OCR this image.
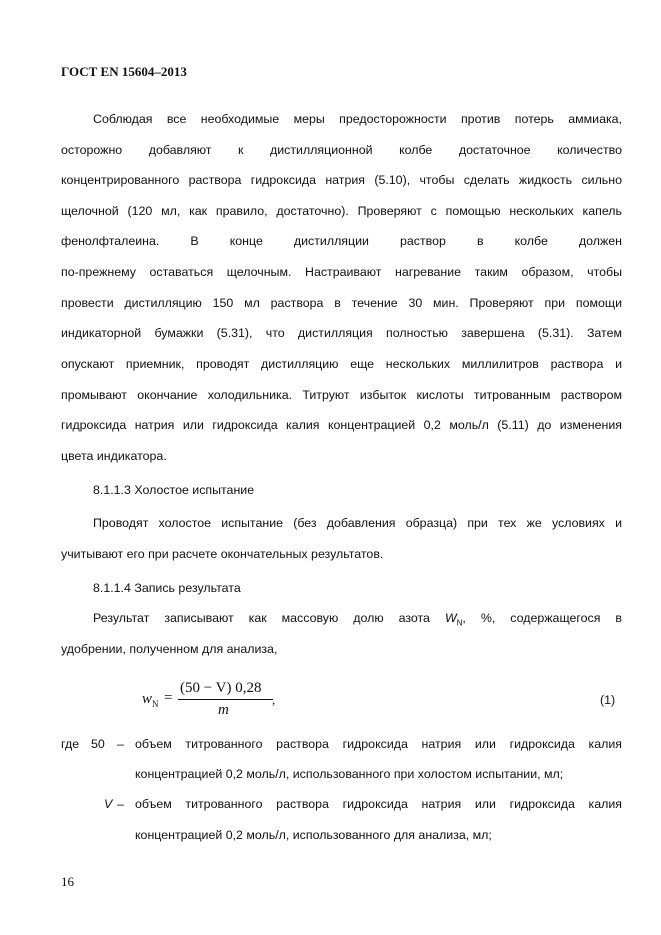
ГОСТ EN 15604–2013
Соблюдая все необходимые меры предосторожности против потерь аммиака,
осторожно добавляют к дистилляционной колбе достаточное количество
концентрированного раствора гидроксида натрия (5.10), чтобы сделать жидкость сильно
щелочной (120 мл, как правило, достаточно). Проверяют с помощью нескольких капель
фенолфталеина. В конце дистилляции раствор в колбе должен
по-прежнему оставаться щелочным. Настраивают нагревание таким образом, чтобы
провести дистилляцию 150 мл раствора в течение 30 мин. Проверяют при помощи
индикаторной бумажки (5.31), что дистилляция полностью завершена (5.31). Затем
опускают приемник, проводят дистилляцию еще нескольких миллилитров раствора и
промывают окончание холодильника. Титруют избыток кислоты титрованным раствором
гидроксида натрия или гидроксида калия концентрацией 0,2 моль/л (5.11) до изменения
цвета индикатора.
8.1.1.3 Холостое испытание
Проводят холостое испытание (без добавления образца) при тех же условиях и
учитывают его при расчете окончательных результатов.
8.1.1.4 Запись результата
Результат записывают как массовую долю азота $W_N$, %, содержащегося в
удобрении, полученном для анализа,
$w_N$ =
(50 − V) 0,28
m
,	(1)
где 50 – объем титрованного раствора гидроксида натрия или гидроксида калия
концентрацией 0,2 моль/л, использованного при холостом испытании, мл;
V – объем титрованного раствора гидроксида натрия или гидроксида калия
концентрацией 0,2 моль/л, использованного для анализа, мл;
16
